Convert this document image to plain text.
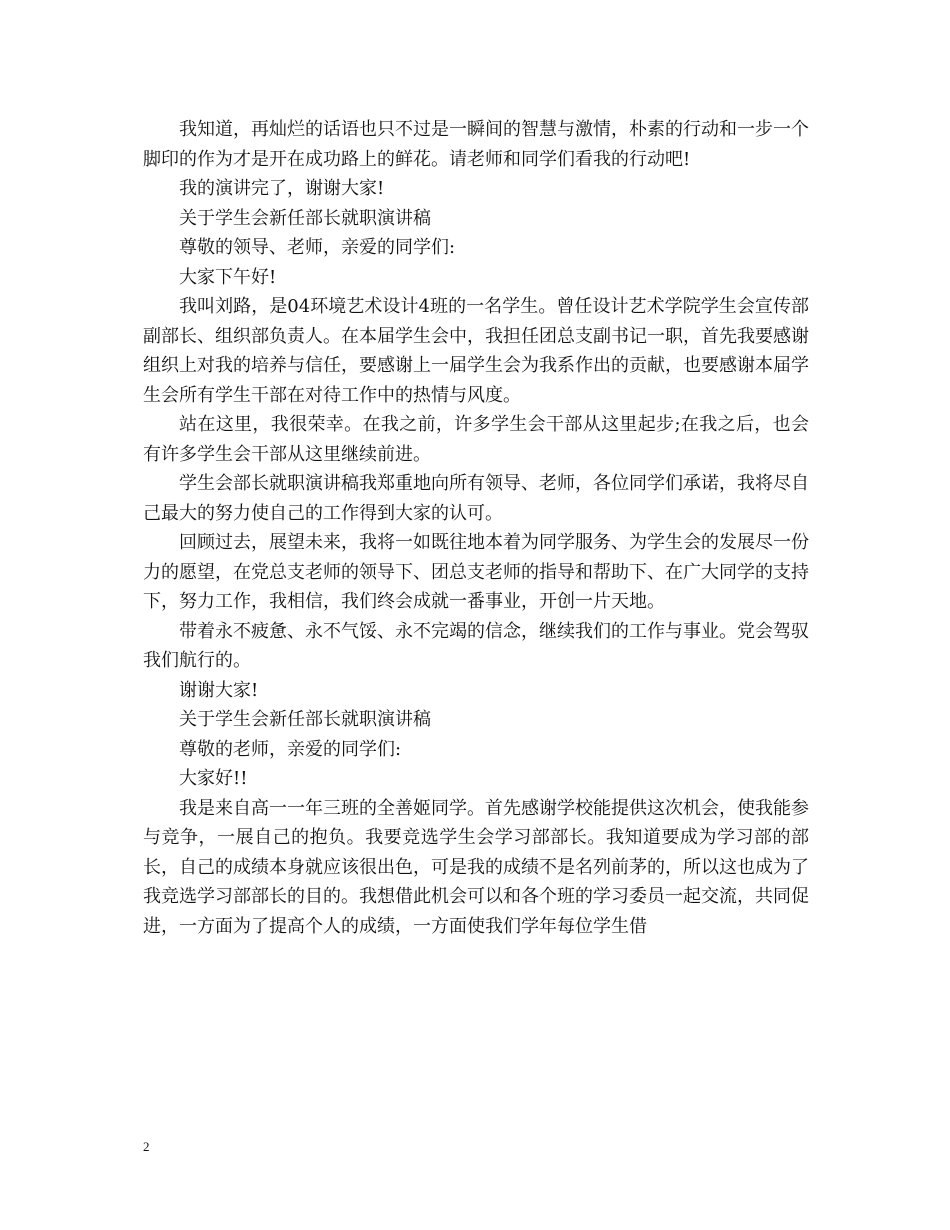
我知道，再灿烂的话语也只不过是一瞬间的智慧与激情，朴素的行动和一步一个脚印的作为才是开在成功路上的鲜花。请老师和同学们看我的行动吧!

我的演讲完了，谢谢大家!

关于学生会新任部长就职演讲稿

尊敬的领导、老师，亲爱的同学们:

大家下午好!

我叫刘路，是04环境艺术设计4班的一名学生。曾任设计艺术学院学生会宣传部副部长、组织部负责人。在本届学生会中，我担任团总支副书记一职，首先我要感谢组织上对我的培养与信任，要感谢上一届学生会为我系作出的贡献，也要感谢本届学生会所有学生干部在对待工作中的热情与风度。

站在这里，我很荣幸。在我之前，许多学生会干部从这里起步;在我之后，也会有许多学生会干部从这里继续前进。

学生会部长就职演讲稿我郑重地向所有领导、老师，各位同学们承诺，我将尽自己最大的努力使自己的工作得到大家的认可。

回顾过去，展望未来，我将一如既往地本着为同学服务、为学生会的发展尽一份力的愿望，在党总支老师的领导下、团总支老师的指导和帮助下、在广大同学的支持下，努力工作，我相信，我们终会成就一番事业，开创一片天地。

带着永不疲惫、永不气馁、永不完竭的信念，继续我们的工作与事业。党会驾驭我们航行的。

谢谢大家!

关于学生会新任部长就职演讲稿

尊敬的老师，亲爱的同学们:

大家好!!

我是来自高一一年三班的全善姬同学。首先感谢学校能提供这次机会，使我能参与竞争，一展自己的抱负。我要竞选学生会学习部部长。我知道要成为学习部的部长，自己的成绩本身就应该很出色，可是我的成绩不是名列前茅的，所以这也成为了我竞选学习部部长的目的。我想借此机会可以和各个班的学习委员一起交流，共同促进，一方面为了提高个人的成绩，一方面使我们学年每位学生借

2
